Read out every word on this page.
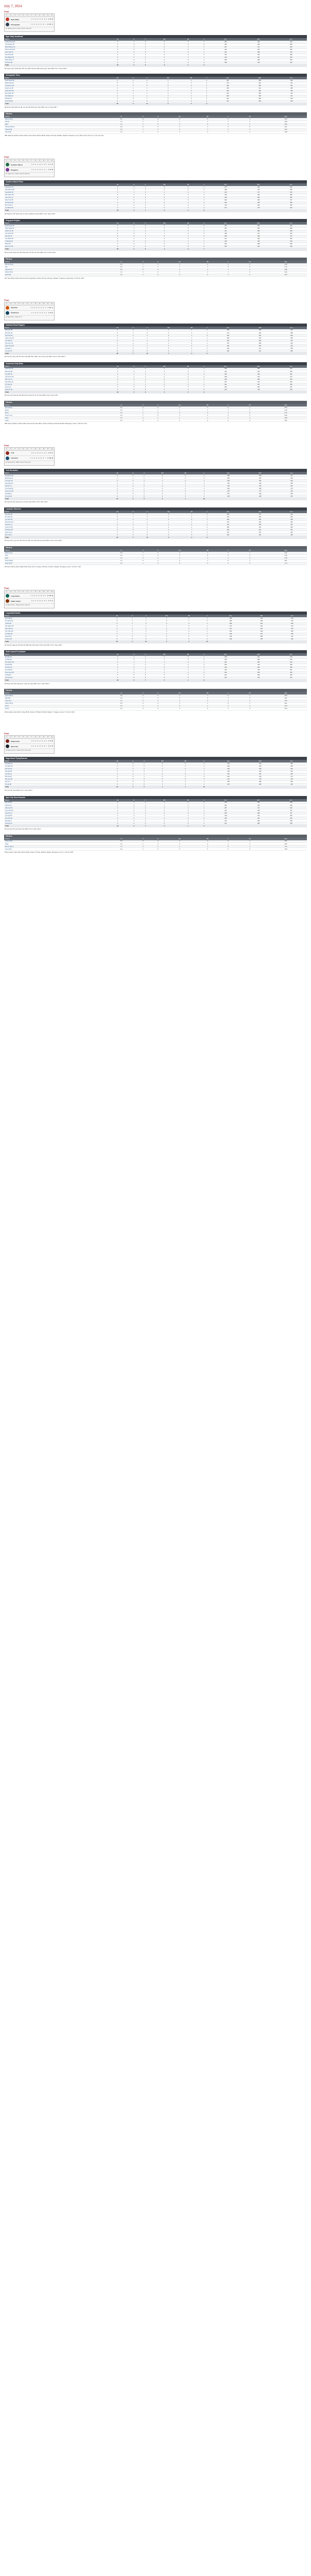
July 7, 2024
Final
1	2	3	4	5	6	7	8	9	R	H	E
High Valley	0 1 0 0 2 0 0 0 0 3 8 0
Chesapeake	1 0 2 0 0 3 0 0 x 6 11 1
W: Harrison (6-3) L: Pierce (4-5) S: Cole (12)
High Valley Hoofbeats
Batters	AB	R	H	RBI	BB	K	AVG	OBP	SLG
Jacob Owens 2B	4	1	2	0	0	1	.281	.342	.410
Luis Herrera SS	4	0	1	1	0	0	.262	.310	.385
Mark Delaney CF	3	1	1	0	1	1	.297	.371	.502
Ross Cantrell 1B	4	0	1	2	0	2	.244	.319	.466
Devin Park LF	4	0	0	0	0	1	.231	.288	.370
Tyler Moss RF	4	1	2	0	0	0	.275	.330	.398
Sam Briggs 3B	3	0	0	0	1	1	.219	.301	.340
Nolan Reyes C	3	0	1	0	0	1	.250	.296	.333
Eli Stone DH	3	0	0	0	0	2	.208	.270	.312
Totals	32	3	8	3	2	9			
2B: Owens (14), Cantrell (11). HR: none. RBI: Cantrell 2 (38), Herrera (22). Team RISP: 2-for-7. Team LOB: 6.
Chesapeake Tides
Batters	AB	R	H	RBI	BB	K	AVG	OBP	SLG
Aaron Fields CF	4	2	2	0	1	0	.301	.389	.455
Marco Diaz SS	5	1	2	1	0	1	.276	.320	.401
Kyle Benton RF	4	1	2	2	0	1	.289	.350	.522
Jason Lee 1B	4	1	1	2	1	2	.255	.341	.480
Carlos Ruiz 3B	4	0	1	0	0	1	.240	.298	.366
Ben Carter DH	4	1	1	1	0	1	.233	.305	.412
Tom Walsh LF	3	0	1	0	1	0	.268	.339	.371
Will Grant C	4	0	1	0	0	2	.221	.280	.330
Drew Hall 2B	3	0	0	0	0	1	.247	.295	.344
Totals	35	6	11	6	3	9			
2B: Benton (18), Fields (9). HR: Lee (15). SB: Fields (21). Team RISP: 4-for-11. Team LOB: 7.
Pitchers
Pitchers	IP	H	R	ER	BB	K	HR	ERA
Pierce L(4-5)	5.1	8	5	5	2	5	1	4.12
Nichols	1.2	2	1	1	1	2	0	3.58
Baird	1.0	1	0	0	0	2	0	2.95
Harrison W(6-3)	6.0	6	3	3	1	6	0	3.21
Ortega H(9)	2.0	1	0	0	1	2	0	2.44
Cole S(12)	1.0	1	0	0	0	1	0	1.98
HBP: Walsh (by Nichols). Pitches-strikes: Pierce 94-60, Harrison 98-65. Umpires: HP Grant, 1B Miles. Weather: 84 degrees, sunny. Wind: 8 mph, Out to LF. T: 2:41. Att: 6,212.
Final
1	2	3	4	5	6	7	8	9	R	H	E
Southern Marsh	0 0 0 1 0 0 2 0 0 3 7 2
Kingsport	2 0 1 0 0 0 0 1 x 4 9 0
W: Vega (7-2) L: Monroe (3-6) S: Adler (9)
Southern Marsh Pilots
Batters	AB	R	H	RBI	BB	K	AVG	OBP	SLG
Chris Dunn CF	4	0	1	0	0	1	.270	.331	.392
Alex Moreno 2B	4	1	1	0	0	0	.258	.312	.360
Jake Ward 1B	4	1	2	1	0	1	.302	.377	.544
Rob Sutton DH	3	1	1	2	1	1	.246	.352	.489
Luke Price LF	4	0	0	0	0	2	.229	.290	.351
Evan Cole 3B	4	0	1	0	0	1	.262	.309	.377
Ian Brooks RF	3	0	1	0	1	0	.253	.330	.368
Max Young C	3	0	0	0	0	1	.214	.262	.300
Leo Banks SS	3	0	0	0	0	2	.231	.276	.322
Totals	32	3	7	3	2	9			
2B: Ward (17). HR: Sutton (12). E: Cole (7), Banks (5). Team RISP: 1-for-6. Team LOB: 5.
Kingsport Knights
Batters	AB	R	H	RBI	BB	K	AVG	OBP	SLG
Ryan Hayes SS	4	1	2	0	0	0	.287	.334	.410
Owen Shaw CF	4	1	1	1	1	1	.264	.351	.389
Noah Kent 1B	4	1	2	2	0	1	.311	.380	.560
Cole Finch 3B	4	0	1	1	0	2	.248	.317	.434
Dan Ruiz LF	3	0	1	0	1	0	.259	.340	.372
Joe Marsh DH	4	1	1	0	0	1	.237	.299	.402
Ty Bishop RF	3	0	0	0	1	1	.226	.318	.334
Matt Gill C	3	0	1	0	0	1	.241	.288	.345
Zach Cruz 2B	3	0	0	0	0	0	.250	.301	.338
Totals	32	4	9	4	3	7			
2B: Kent (20), Hayes (12). SB: Shaw (15). CS: Ruiz (3). Team RISP: 3-for-9. Team LOB: 6.
Pitchers
Pitchers	IP	H	R	ER	BB	K	HR	ERA
Monroe L(3-6)	6.0	7	3	3	2	4	0	4.45
Tate	2.0	2	1	1	1	3	0	3.70
Vega W(7-2)	6.2	5	3	3	1	7	1	2.88
Ramos H(11)	1.1	1	0	0	1	1	0	3.02
Adler S(9)	1.0	1	0	0	0	1	0	2.15
WP: Tate. Pitches-strikes: Monroe 101-63, Vega 95-64. Umpires: HP Frey, 1B Lopez. Weather: 79 degrees, partly cloudy. T: 2:36. Att: 4,876.
Final
1	2	3	4	5	6	7	8	9	R	H	E
Gastonia	3 0 0 2 0 1 0 0 1 7 12 1
Charleston	0 1 0 0 2 0 0 1 0 4 8 2
W: Kline (5-4) L: Porter (2-7)
Gastonia Ghost Peppers
Batters	AB	R	H	RBI	BB	K	AVG	OBP	SLG
Nate Fox 2B	5	2	3	1	0	0	.296	.348	.430
Paul Kim SS	5	1	2	0	0	1	.271	.320	.389
Seth Hart 1B	4	2	2	3	1	0	.318	.402	.590
Gabe Lowe DH	4	1	1	2	1	1	.259	.361	.508
Jon Pratt LF	5	0	1	0	0	2	.243	.296	.375
Rick Vann RF	4	1	2	1	0	1	.274	.329	.401
Adam Frost 3B	4	0	1	0	0	1	.236	.294	.342
Carl Diaz C	4	0	0	0	0	2	.218	.271	.309
Lou Kerr CF	3	0	0	0	1	1	.245	.321	.360
Totals	38	7	12	7	3	9			
2B: Fox (16), Vann (10). HR: Hart 2 (19). RBI: Hart 3 (55), Lowe 2 (41). Team RISP: 4-for-12. Team LOB: 8.
Charleston Dirty Birds
Batters	AB	R	H	RBI	BB	K	AVG	OBP	SLG
Sean Pike CF	4	1	2	0	1	1	.282	.365	.401
Mike Ray 2B	5	0	1	1	0	1	.249	.302	.348
Troy Bell 1B	4	1	1	1	0	2	.263	.340	.501
Glen Ames DH	4	1	2	2	0	0	.288	.331	.470
Ron Lutz LF	4	0	1	0	0	1	.238	.295	.352
Pete Moss 3B	3	1	0	0	1	1	.227	.310	.340
Vic Hale RF	4	0	1	0	0	2	.251	.307	.366
Sal Cruz C	3	0	0	0	0	1	.205	.260	.291
Hank Orr SS	3	0	0	0	1	0	.232	.318	.318
Totals	34	4	8	4	3	9			
2B: Ames (14), Pike (11). HR: Bell (13). E: Moss (9), Orr (6). Team RISP: 2-for-8. Team LOB: 7.
Pitchers
Pitchers	IP	H	R	ER	BB	K	HR	ERA
Kline W(5-4)	6.0	6	3	3	2	6	1	3.66
Baxter	2.0	1	1	1	1	2	0	4.10
Myers	1.0	1	0	0	0	1	0	2.70
Porter L(2-7)	4.0	7	5	4	2	3	2	5.34
Sloan	3.0	3	1	1	1	4	0	3.88
Grady	2.0	2	1	1	0	2	0	4.02
HBP: Moss (by Baxter). Pitches-strikes: Kline 97-62, Porter 88-51. Umpires: HP Reed, 1B Small. Weather: 88 degrees, humid. T: 2:58. Att: 5,101.
Final
1	2	3	4	5	6	7	8	9	R	H	E
York	0 0 1 0 0 0 1 0 0 2 6 1
Lancaster	0 2 0 0 1 0 0 2 x 5 10 0
W: Duran (8-3) L: Walsh (4-4) S: Finley (14)
York Revolution
Batters	AB	R	H	RBI	BB	K	AVG	OBP	SLG
Andy Ross CF	4	0	1	0	0	1	.266	.318	.377
Brad King SS	4	1	1	0	0	0	.248	.301	.352
Curt Gale 1B	4	1	2	1	0	1	.305	.367	.533
Dale Mast DH	4	0	1	1	0	2	.251	.322	.458
Earl Fitz LF	3	0	0	0	1	1	.233	.310	.361
Fred Hood RF	4	0	1	0	0	1	.260	.306	.372
Greg Lund 3B	3	0	0	0	0	2	.219	.277	.324
Hal Webb C	3	0	0	0	0	1	.207	.262	.290
Ira Cole 2B	3	0	0	0	0	1	.238	.289	.331
Totals	32	2	6	2	1	10			
2B: Gale (19). HR: Gale (14). E: Lund (8). Team RISP: 1-for-5. Team LOB: 4.
Lancaster Stormers
Batters	AB	R	H	RBI	BB	K	AVG	OBP	SLG
Jay Lane 2B	4	1	2	0	1	0	.293	.371	.412
Kim Park SS	5	1	2	1	0	1	.270	.315	.384
Lee Hunt 1B	4	1	1	2	0	1	.284	.356	.548
Max Dean DH	4	1	2	1	0	1	.276	.330	.462
Ned Frey LF	4	0	1	1	0	2	.241	.298	.367
Oscar Lin RF	4	1	1	0	0	0	.255	.310	.380
Pat Rowe 3B	3	0	1	0	1	1	.246	.322	.351
Quinn Ash C	3	0	0	0	0	1	.212	.270	.302
Rex Tull CF	3	0	0	0	0	1	.229	.281	.329
Totals	34	5	10	5	2	8			
2B: Dean (15), Lane (13). HR: Hunt (17). SB: Lane (18), Park (9). Team RISP: 3-for-10. Team LOB: 6.
Pitchers
Pitchers	IP	H	R	ER	BB	K	HR	ERA
Walsh L(4-4)	5.0	7	3	3	1	5	1	4.22
Ortiz	2.0	1	0	0	0	2	0	3.15
Beck	1.0	2	2	2	1	1	0	4.75
Duran W(8-3)	7.0	5	2	2	1	8	1	2.61
Finley S(14)	2.0	1	0	0	0	2	0	1.74
WP: Beck. Pitches-strikes: Walsh 90-58, Duran 104-70. Umpires: HP Stone, 1B Vance. Weather: 82 degrees, clear. T: 2:29. Att: 7,448.
Final
1	2	3	4	5	6	7	8	9	R	H	E
Long Island	1 0 0 0 3 0 0 0 2 6 10 0
Staten Island	0 0 2 1 0 0 0 0 0 3 7 1
W: Quinn (6-5) L: Harper (5-6) S: Yates (7)
Long Island Ducks
Batters	AB	R	H	RBI	BB	K	AVG	OBP	SLG
Sam Vail CF	5	1	2	1	0	1	.288	.340	.415
Tim Wong SS	4	1	1	0	1	0	.262	.345	.370
Uri Belt 1B	5	1	2	2	0	1	.299	.351	.528
Van Oakes DH	4	1	1	1	0	1	.247	.310	.470
Wes Nash LF	4	1	2	2	0	2	.271	.322	.410
Xav Lopez RF	4	0	1	0	0	1	.254	.300	.360
Yuri Bray 3B	4	1	1	0	0	1	.238	.291	.348
Zane Holt C	3	0	0	0	1	1	.219	.305	.311
Al Pryor 2B	3	0	0	0	0	2	.226	.279	.320
Totals	36	6	10	6	2	10			
2B: Vail (12), Nash (9). HR: Belt (16). RBI: Belt 2 (50), Nash 2 (33). Team RISP: 3-for-9. Team LOB: 6.
Staten Island FerryHawks
Batters	AB	R	H	RBI	BB	K	AVG	OBP	SLG
Bo Mills 2B	4	1	1	0	0	1	.268	.321	.378
Cy Dale SS	4	0	1	1	0	0	.245	.298	.340
Dom Reyes 1B	4	1	2	1	0	1	.291	.352	.510
Ed Pratt DH	4	1	1	1	0	2	.252	.319	.455
Fin Moss LF	4	0	1	0	0	1	.236	.292	.358
Gus Tate RF	3	0	0	0	1	1	.229	.316	.341
Huey Lamb 3B	3	0	1	0	0	0	.250	.300	.352
Ike Boyd C	3	0	0	0	0	2	.201	.255	.280
Jed Fong CF	3	0	0	0	0	1	.224	.275	.314
Totals	32	3	7	3	1	9			
2B: Reyes (18). HR: Pratt (11). E: Lamb (4). Team RISP: 2-for-7. Team LOB: 5.
Pitchers
Pitchers	IP	H	R	ER	BB	K	HR	ERA
Quinn W(6-5)	6.0	6	3	3	1	6	1	3.49
Ellis H(8)	2.0	1	0	0	0	2	0	2.91
Yates S(7)	1.0	0	0	0	0	1	0	2.33
Harper L(5-6)	5.0	6	4	4	1	6	1	4.01
Nunez	3.0	2	0	0	1	3	0	3.20
Stroud	1.0	2	2	2	0	1	0	5.12
Pitches-strikes: Quinn 92-61, Harper 86-55. Umpires: HP Marsh, 1B Duffy. Weather: 77 degrees, cloudy. T: 2:44. Att: 3,905.
Final
1	2	3	4	5	6	7	8	9	R	H	E
Hagerstown	0 0 0 0 0 1 0 0 0 1 5 0
Spire City	0 1 0 2 0 0 0 0 x 3 7 0
W: Banner (4-2) L: Cutler (3-5) S: Ness (10)
Hagerstown Flying Boxcars
Batters	AB	R	H	RBI	BB	K	AVG	OBP	SLG
Kurt Abel CF	4	0	1	0	0	1	.270	.322	.381
Lon Brisk SS	4	0	0	0	0	2	.238	.290	.330
Mo Carr 1B	4	1	2	1	0	1	.292	.350	.520
Nat Doll DH	3	0	0	0	1	1	.248	.330	.441
Otis Eck LF	4	0	1	0	0	1	.251	.301	.366
Phil Fay RF	3	0	1	0	0	0	.262	.315	.372
Ray Gee 3B	3	0	0	0	0	2	.221	.278	.320
Stu Hix C	3	0	0	0	0	1	.205	.259	.284
Ted Ide 2B	3	0	0	0	0	1	.233	.284	.322
Totals	31	1	5	1	1	10			
HR: Carr (15). Team RISP: 0-for-4. Team LOB: 5.
Spire City Ghost Hounds
Batters	AB	R	H	RBI	BB	K	AVG	OBP	SLG
Ugo Jax 2B	4	1	1	0	0	0	.279	.330	.398
Val Kirk SS	4	0	2	1	0	1	.266	.318	.380
Wil Lamb 1B	3	1	1	2	1	1	.287	.371	.540
Xeno Mott DH	4	0	0	0	0	2	.243	.305	.437
Yale Nye LF	4	1	1	0	0	1	.255	.308	.371
Zed Oak RF	3	0	1	0	0	1	.248	.301	.356
Abe Pike 3B	3	0	1	0	0	0	.236	.292	.340
Bud Quill C	3	0	0	0	0	1	.214	.266	.298
Cal Root CF	3	0	0	0	0	2	.227	.280	.318
Totals	31	3	7	3	1	9			
2B: Kirk (13). HR: Lamb (18). Team RISP: 2-for-6. Team LOB: 4.
Pitchers
Pitchers	IP	H	R	ER	BB	K	HR	ERA
Cutler L(3-5)	6.0	6	3	3	1	6	1	3.97
Drake	2.0	1	0	0	0	3	0	3.05
Banner W(4-2)	7.0	4	1	1	1	8	1	2.72
Ness S(10)	2.0	1	0	0	0	2	0	1.89
Pitches-strikes: Cutler 93-61, Banner 99-68. Umpires: HP Clay, 1B Bond. Weather: 80 degrees, sunny. T: 2:18. Att: 2,987.
